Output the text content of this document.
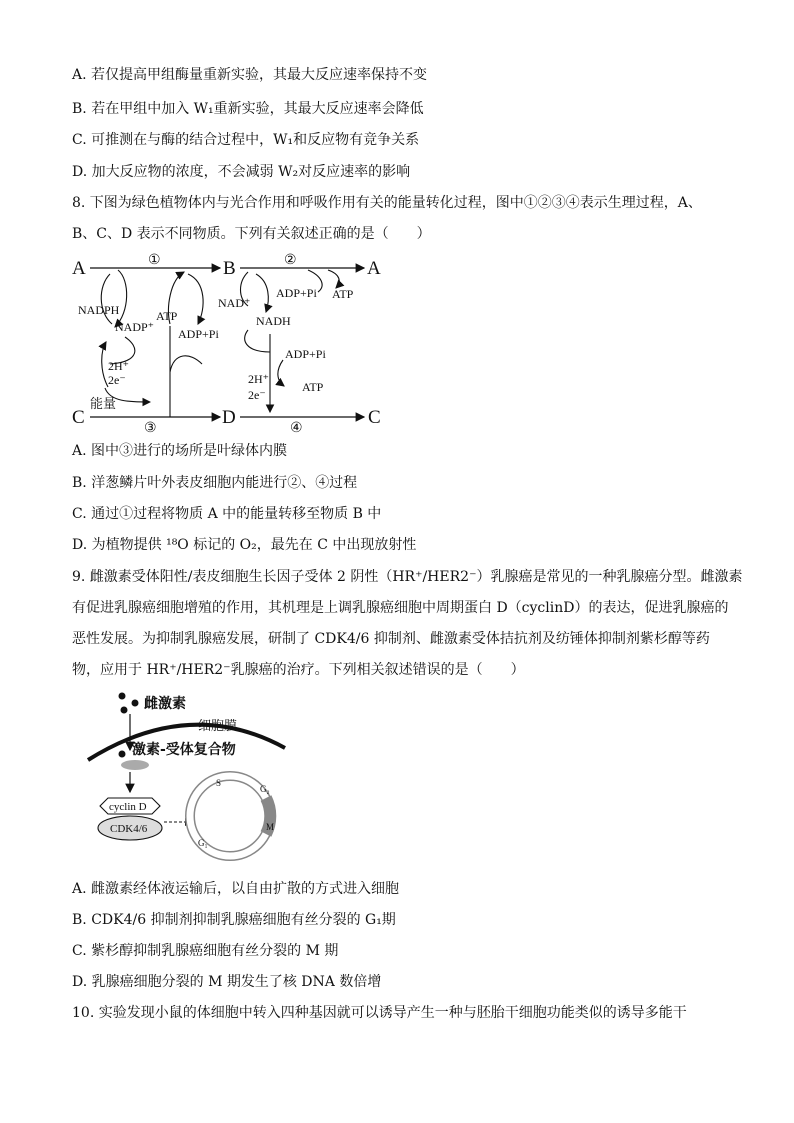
A. 若仅提高甲组酶量重新实验，其最大反应速率保持不变
B. 若在甲组中加入 W₁重新实验，其最大反应速率会降低
C. 可推测在与酶的结合过程中，W₁和反应物有竞争关系
D. 加大反应物的浓度，不会减弱 W₂对反应速率的影响
8. 下图为绿色植物体内与光合作用和呼吸作用有关的能量转化过程，图中①②③④表示生理过程，A、
B、C、D 表示不同物质。下列有关叙述正确的是（　　）
A	①	B	②	A
C
③
D
④
C
NADPH
NADP⁺
2H⁺
2e⁻
能量
ATP
ADP+Pi
NAD⁺
NADH
ADP+Pi ATP
ADP+Pi
2H⁺
2e⁻
ATP
A. 图中③进行的场所是叶绿体内膜
B. 洋葱鳞片叶外表皮细胞内能进行②、④过程
C. 通过①过程将物质 A 中的能量转移至物质 B 中
D. 为植物提供 ¹⁸O 标记的 O₂，最先在 C 中出现放射性
9. 雌激素受体阳性/表皮细胞生长因子受体 2 阴性（HR⁺/HER2⁻）乳腺癌是常见的一种乳腺癌分型。雌激素
有促进乳腺癌细胞增殖的作用，其机理是上调乳腺癌细胞中周期蛋白 D（cyclinD）的表达，促进乳腺癌的
恶性发展。为抑制乳腺癌发展，研制了 CDK4/6 抑制剂、雌激素受体拮抗剂及纺锤体抑制剂紫杉醇等药
物，应用于 HR⁺/HER2⁻乳腺癌的治疗。下列相关叙述错误的是（　　）
雌激素
细胞膜
激素-受体复合物
cyclin D
CDK4/6
S
G₂
M
G₁
A. 雌激素经体液运输后，以自由扩散的方式进入细胞
B. CDK4/6 抑制剂抑制乳腺癌细胞有丝分裂的 G₁期
C. 紫杉醇抑制乳腺癌细胞有丝分裂的 M 期
D. 乳腺癌细胞分裂的 M 期发生了核 DNA 数倍增
10. 实验发现小鼠的体细胞中转入四种基因就可以诱导产生一种与胚胎干细胞功能类似的诱导多能干
